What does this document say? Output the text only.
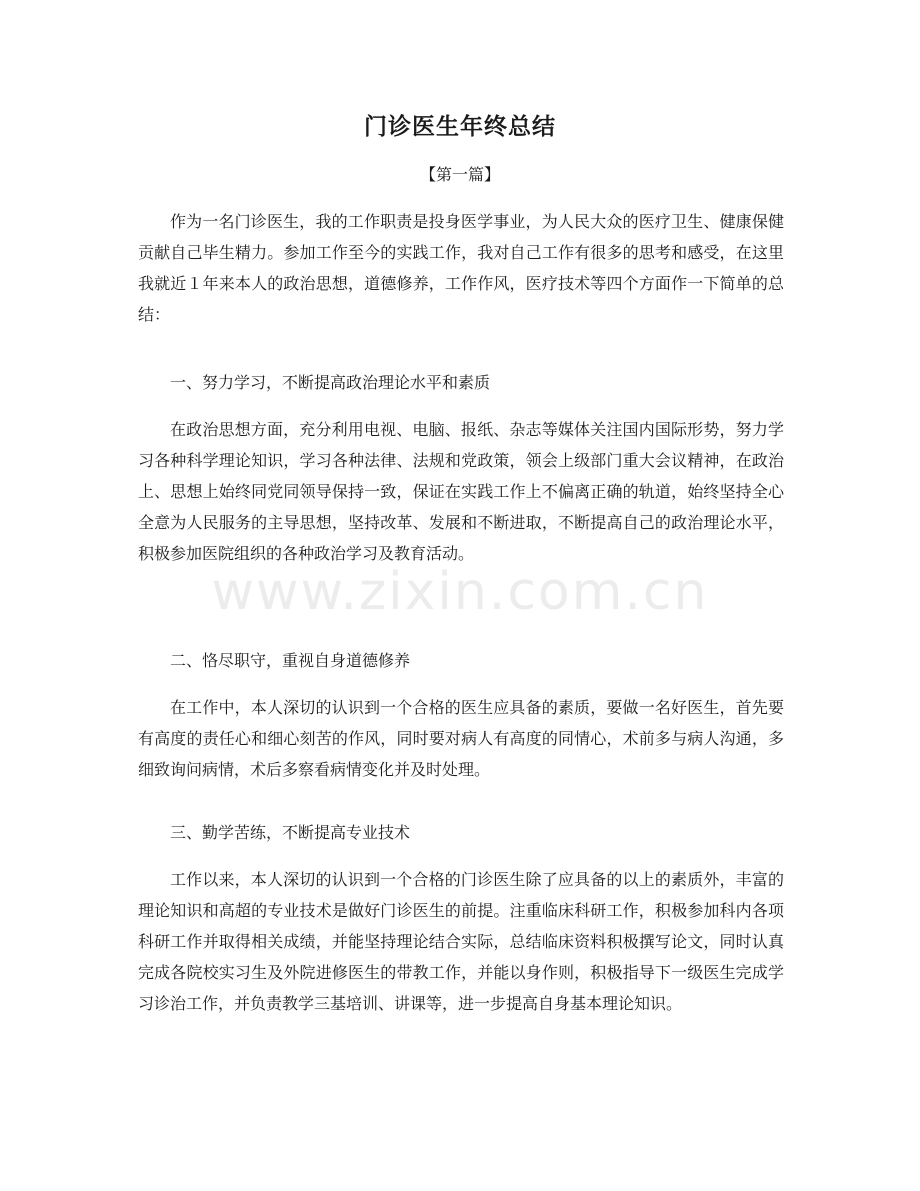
www.zixin.com.cn
门诊医生年终总结

【第一篇】

作为一名门诊医生，我的工作职责是投身医学事业，为人民大众的医疗卫生、健康保健贡献自己毕生精力。参加工作至今的实践工作，我对自己工作有很多的思考和感受，在这里我就近１年来本人的政治思想，道德修养，工作作风，医疗技术等四个方面作一下简单的总结：

一、努力学习，不断提高政治理论水平和素质

在政治思想方面，充分利用电视、电脑、报纸、杂志等媒体关注国内国际形势，努力学习各种科学理论知识，学习各种法律、法规和党政策，领会上级部门重大会议精神，在政治上、思想上始终同党同领导保持一致，保证在实践工作上不偏离正确的轨道，始终坚持全心全意为人民服务的主导思想，坚持改革、发展和不断进取，不断提高自己的政治理论水平，积极参加医院组织的各种政治学习及教育活动。

二、恪尽职守，重视自身道德修养

在工作中，本人深切的认识到一个合格的医生应具备的素质，要做一名好医生，首先要有高度的责任心和细心刻苦的作风，同时要对病人有高度的同情心，术前多与病人沟通，多细致询问病情，术后多察看病情变化并及时处理。

三、勤学苦练，不断提高专业技术

工作以来，本人深切的认识到一个合格的门诊医生除了应具备的以上的素质外，丰富的理论知识和高超的专业技术是做好门诊医生的前提。注重临床科研工作，积极参加科内各项科研工作并取得相关成绩，并能坚持理论结合实际，总结临床资料积极撰写论文，同时认真完成各院校实习生及外院进修医生的带教工作，并能以身作则，积极指导下一级医生完成学习诊治工作，并负责教学三基培训、讲课等，进一步提高自身基本理论知识。
